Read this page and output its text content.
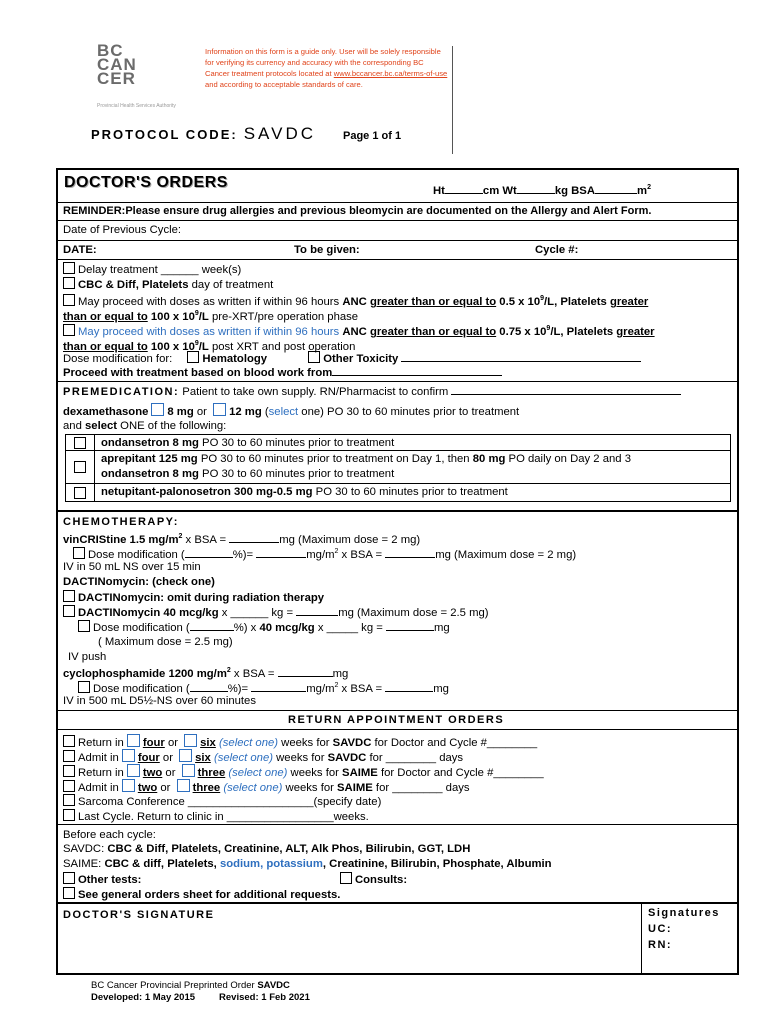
BC
CAN
CER
Provincial Health Services Authority
Information on this form is a guide only. User will be solely responsible for verifying its currency and accuracy with the corresponding BC Cancer treatment protocols located at www.bccancer.bc.ca/terms-of-use and according to acceptable standards of care.
PROTOCOL CODE: SAVDC Page 1 of 1
DOCTOR'S ORDERS	Ht	cm Wt	kg BSA	$m^2$
REMINDER:Please ensure drug allergies and previous bleomycin are documented on the Allergy and Alert Form.
Date of Previous Cycle:
DATE:	To be given:	Cycle #:
Delay treatment ______ week(s)
CBC & Diff, Platelets day of treatment
May proceed with doses as written if within 96 hours ANC greater than or equal to 0.5 x $10^9/L$, Platelets greater
than or equal to 100 x $10^9/L$ pre-XRT/pre operation phase
May proceed with doses as written if within 96 hours ANC greater than or equal to 0.75 x $10^9/L$, Platelets greater
than or equal to 100 x $10^9/L$ post XRT and post operation
Dose modification for:	Hematology	Other Toxicity
Proceed with treatment based on blood work from
PREMEDICATION: Patient to take own supply. RN/Pharmacist to confirm
dexamethasone 8 mg or 12 mg (select one) PO 30 to 60 minutes prior to treatment
and select ONE of the following:
ondansetron 8 mg PO 30 to 60 minutes prior to treatment
aprepitant 125 mg PO 30 to 60 minutes prior to treatment on Day 1, then 80 mg PO daily on Day 2 and 3
ondansetron 8 mg PO 30 to 60 minutes prior to treatment
netupitant-palonosetron 300 mg-0.5 mg PO 30 to 60 minutes prior to treatment
CHEMOTHERAPY:
vinCRIStine 1.5 $mg/m^2$ x BSA =	mg (Maximum dose = 2 mg)
Dose modification (	%)=	$mg/m^2$ x BSA =	mg (Maximum dose = 2 mg)
IV in 50 mL NS over 15 min
DACTINomycin: (check one)
DACTINomycin: omit during radiation therapy
DACTINomycin 40 mcg/kg x ______ kg =	mg (Maximum dose = 2.5 mg)
Dose modification (	%) x 40 mcg/kg x _____ kg =	mg
( Maximum dose = 2.5 mg)
IV push
cyclophosphamide 1200 $mg/m^2$ x BSA =	mg
Dose modification (	%)=	$mg/m^2$ x BSA =	mg
IV in 500 mL D5½-NS over 60 minutes
RETURN APPOINTMENT ORDERS
Return in four or six (select one) weeks for SAVDC for Doctor and Cycle #________
Admit in four or six (select one) weeks for SAVDC for ________ days
Return in two or three (select one) weeks for SAIME for Doctor and Cycle #________
Admit in two or three (select one) weeks for SAIME for ________ days
Sarcoma Conference ____________________(specify date)
Last Cycle. Return to clinic in _________________weeks.
Before each cycle:
SAVDC: CBC & Diff, Platelets, Creatinine, ALT, Alk Phos, Bilirubin, GGT, LDH
SAIME: CBC & diff, Platelets, sodium, potassium, Creatinine, Bilirubin, Phosphate, Albumin
Other tests:	Consults:
See general orders sheet for additional requests.
DOCTOR'S SIGNATURE	Signatures
UC:
RN:
BC Cancer Provincial Preprinted Order SAVDC
Developed: 1 May 2015	Revised: 1 Feb 2021
